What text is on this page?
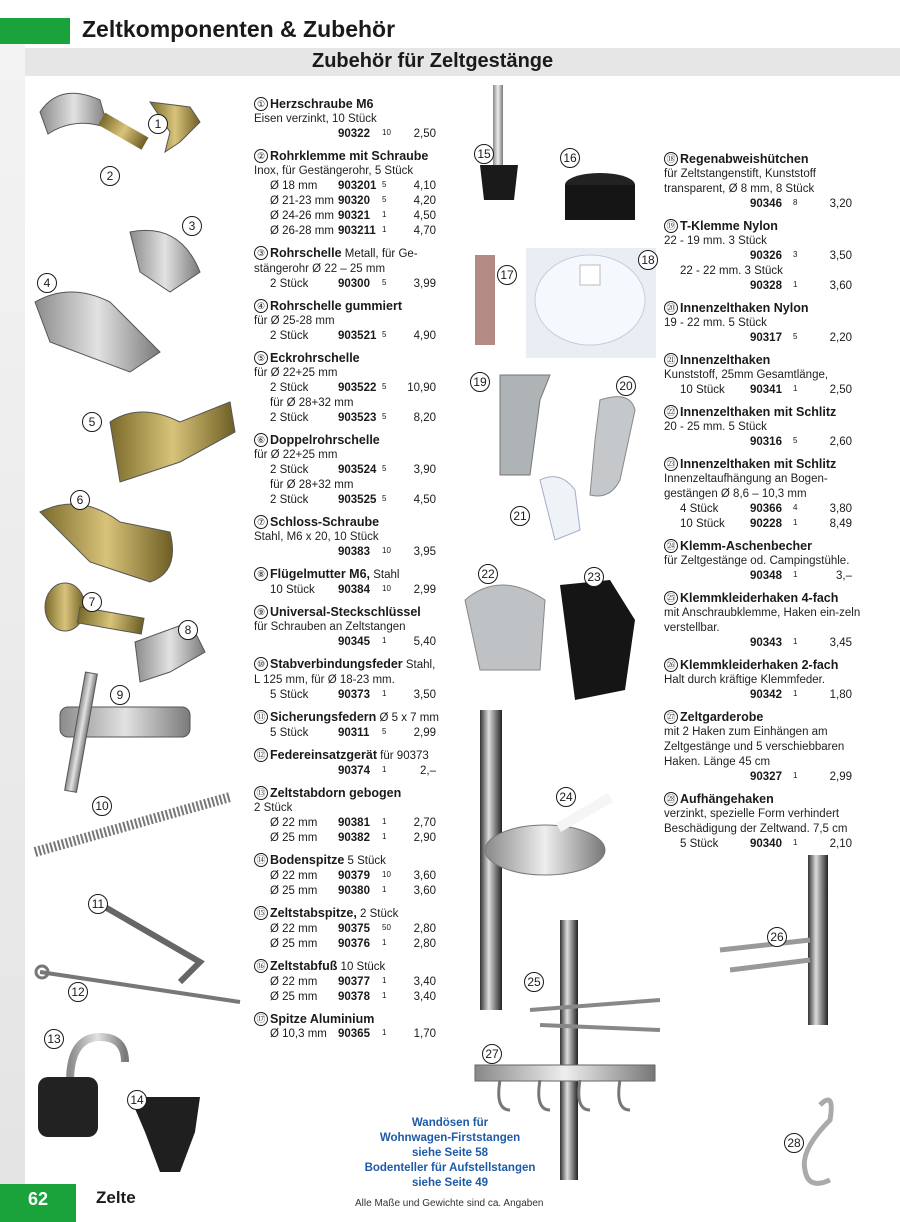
Zeltkomponenten & Zubehör
Zubehör für Zeltgestänge
1
2
3
4
5
6
7
8
9
10
11
12
13
14
① Herzschraube M6
Eisen verzinkt, 10 Stück
90322 10	2,50
② Rohrklemme mit Schraube
Inox, für Gestängerohr, 5 Stück
Ø 18 mm 903201 5	4,10
Ø 21-23 mm 90320 5	4,20
Ø 24-26 mm 90321 1	4,50
Ø 26-28 mm 903211 1	4,70
③ Rohrschelle Metall, für Ge-
stängerohr Ø 22 – 25 mm
2 Stück	90300 5	3,99
④ Rohrschelle gummiert
für Ø 25-28 mm
2 Stück	903521 5	4,90
⑤ Eckrohrschelle
für Ø 22+25 mm
2 Stück	903522 5	10,90
für Ø 28+32 mm
2 Stück	903523 5	8,20
⑥ Doppelrohrschelle
für Ø 22+25 mm
2 Stück	903524 5	3,90
für Ø 28+32 mm
2 Stück	903525 5	4,50
⑦ Schloss-Schraube
Stahl, M6 x 20, 10 Stück
90383 10	3,95
⑧ Flügelmutter M6, Stahl
10 Stück 90384 10	2,99
⑨ Universal-Steckschlüssel
für Schrauben an Zeltstangen
90345 1	5,40
⑩ Stabverbindungsfeder Stahl,
L 125 mm, für Ø 18-23 mm.
5 Stück	90373 1	3,50
⑪ Sicherungsfedern Ø 5 x 7 mm
5 Stück	90311 5	2,99
⑫ Federeinsatzgerät für 90373
90374 1	2,–
⑬ Zeltstabdorn gebogen
2 Stück
Ø 22 mm 90381 1	2,70
Ø 25 mm 90382 1	2,90
⑭ Bodenspitze 5 Stück
Ø 22 mm 90379 10	3,60
Ø 25 mm 90380 1	3,60
⑮ Zeltstabspitze, 2 Stück
Ø 22 mm 90375 50	2,80
Ø 25 mm 90376 1	2,80
⑯ Zeltstabfuß 10 Stück
Ø 22 mm 90377 1	3,40
Ø 25 mm 90378 1	3,40
⑰ Spitze Aluminium
Ø 10,3 mm 90365 1	1,70
15	16
17
18
19	20
21
22	23
24
25
26
27
28
⑱ Regenabweishütchen
für Zeltstangenstift, Kunststoff transparent, Ø 8 mm, 8 Stück
90346 8	3,20
⑲ T-Klemme Nylon
22 - 19 mm. 3 Stück
90326 3	3,50
22 - 22 mm. 3 Stück
90328 1	3,60
⑳ Innenzelthaken Nylon
19 - 22 mm. 5 Stück
90317 5	2,20
㉑ Innenzelthaken
Kunststoff, 25mm Gesamtlänge,
10 Stück 90341 1	2,50
㉒ Innenzelthaken mit Schlitz
20 - 25 mm. 5 Stück
90316 5	2,60
㉓ Innenzelthaken mit Schlitz
Innenzeltaufhängung an Bogen-gestängen Ø 8,6 – 10,3 mm
4 Stück	90366 4	3,80
10 Stück 90228 1	8,49
㉔ Klemm-Aschenbecher
für Zeltgestänge od. Campingstühle.
90348 1	3,–
㉕ Klemmkleiderhaken 4-fach
mit Anschraubklemme, Haken ein-zeln verstellbar.
90343 1	3,45
㉖ Klemmkleiderhaken 2-fach
Halt durch kräftige Klemmfeder.
90342 1	1,80
㉗ Zeltgarderobe
mit 2 Haken zum Einhängen am Zeltgestänge und 5 verschiebbaren Haken. Länge 45 cm
90327 1	2,99
㉘ Aufhängehaken
verzinkt, spezielle Form verhindert Beschädigung der Zeltwand. 7,5 cm
5 Stück	90340 1	2,10
Wandösen für
Wohnwagen-Firststangen
siehe Seite 58
Bodenteller für Aufstellstangen
siehe Seite 49
62	Zelte	Alle Maße und Gewichte sind ca. Angaben
